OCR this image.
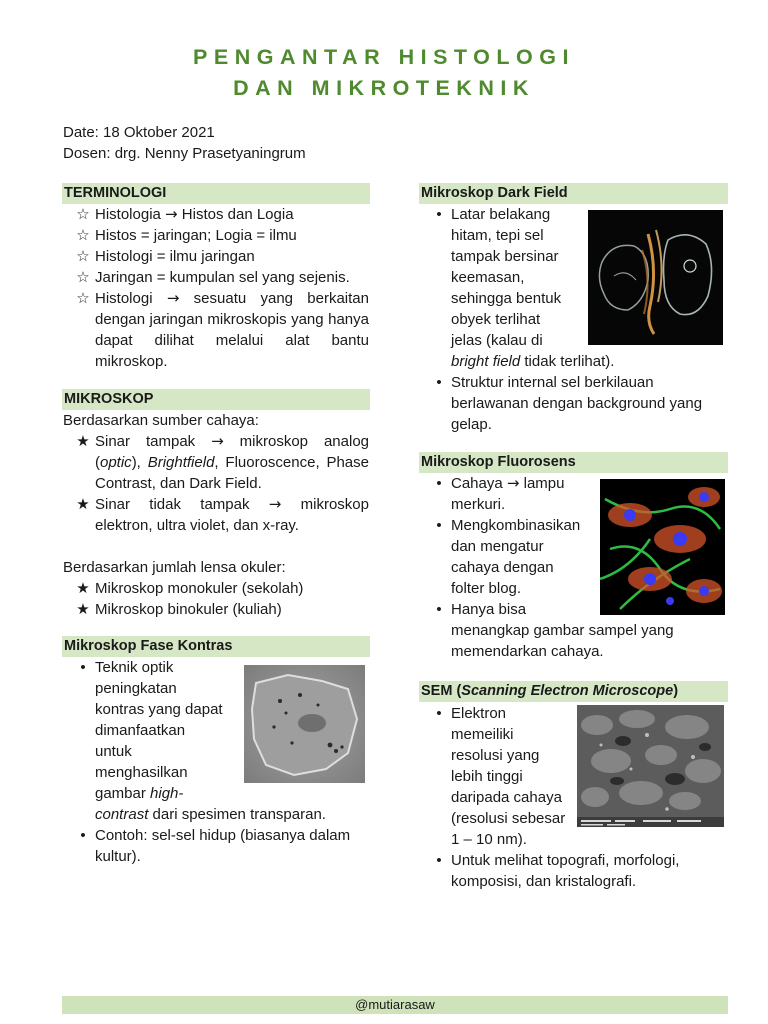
PENGANTAR HISTOLOGI
DAN MIKROTEKNIK
Date: 18 Oktober 2021
Dosen: drg. Nenny Prasetyaningrum
TERMINOLOGI
☆ Histologia → Histos dan Logia
☆ Histos = jaringan; Logia = ilmu
☆ Histologi = ilmu jaringan
☆ Jaringan = kumpulan sel yang sejenis.
☆ Histologi → sesuatu yang berkaitan dengan jaringan mikroskopis yang hanya dapat dilihat melalui alat bantu mikroskop.
MIKROSKOP
Berdasarkan sumber cahaya:
★ Sinar tampak → mikroskop analog (optic), Brightfield, Fluoroscence, Phase Contrast, dan Dark Field.
★ Sinar tidak tampak → mikroskop elektron, ultra violet, dan x-ray.
Berdasarkan jumlah lensa okuler:
★ Mikroskop monokuler (sekolah)
★ Mikroskop binokuler (kuliah)
Mikroskop Fase Kontras
• Teknik optik
peningkatan
kontras yang dapat
dimanfaatkan
untuk
menghasilkan
gambar high-
contrast dari spesimen transparan.
• Contoh: sel-sel hidup (biasanya dalam kultur).
Mikroskop Dark Field
• Latar belakang
hitam, tepi sel
tampak bersinar
keemasan,
sehingga bentuk
obyek terlihat
jelas (kalau di
bright field tidak terlihat).
• Struktur internal sel berkilauan berlawanan dengan background yang gelap.
Mikroskop Fluorosens
• Cahaya → lampu
merkuri.
• Mengkombinasikan
dan mengatur
cahaya dengan
folter blog.
• Hanya bisa
menangkap gambar sampel yang
memendarkan cahaya.
SEM (Scanning Electron Microscope)
• Elektron
memeiliki
resolusi yang
lebih tinggi
daripada cahaya
(resolusi sebesar
1 – 10 nm).
• Untuk melihat topografi, morfologi, komposisi, dan kristalografi.
@mutiarasaw
